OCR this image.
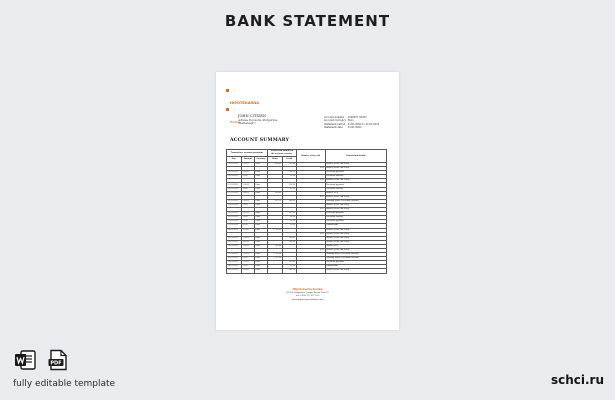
BANK STATEMENT
HIPOTEKARNA
BANKA
JOHN CITIZEN
Adresa Ugovora, Podgorica,
Montenegro
Account number 1000871-53201
Account Currency Euro
Statement period 01/01/2022 to 31/01/2022
Statement date 31/01/2022
ACCOUNT SUMMARY
Transaction, account operations			Transaction amount in the account currency		Balance at the end	Transaction details
Date	Amount	Currency	Debit	Credit		
01.01.2022	131.05	Euro	1,900.00	85.40		Balance at the end of day
					0.00	Balance at the end of day
03.01.2022	300.00	Euro		300.00		Electronic payment
04.01.2022	50.00	Euro		11.00		Electronic transfer
					0.00	Balance at the end of day
05.01.2022	150.00	Euro		150.00		Electronic payment
06.01.2022	10.00	Euro		11.00		Electronic transfer
07.01.2022	500.00	Euro	500.00			Balance ATM
					0.00	Balance at the end of day
10.01.2022	121.00	Euro	131.50	100.00		Standing order (Electronic transfer)
11.01.2022	13.00	Euro				Balance at the end of day
					0.00	Balance at the end of day
13.01.2022	145.00	Euro		145.00		Electronic payment
14.01.2022	10.00	Euro		11.00		Electronic transfer
15.01.2022	13.00	Euro		11.00		Electronic payment
17.01.2022	13.00	Euro		11.00		Commissions
18.01.2022	101.00	Euro	1,500.00			Balance at the end of day
					0.00	Balance at the end of day
20.01.2022	128.00	Euro		128.00		Balance at the end of day
21.01.2022	100.00	Euro		100.00		Balance at the end of day
24.01.2022	500.00	Euro	500.00			Balance ATM
					0.00	Balance at the end of day
25.01.2022	113.00	Euro	1,500.00			Standing order (Electronic transfer)
26.01.2022	13.00	Euro	1,511.00			Standing order (Electronic transfer)
27.01.2022	111.00	Euro		111.00		Electronic payment
28.01.2022	13.00	Euro		11.00		Commissions
31.01.2022	200.00	Euro		200.00		Balance at the end of day
Hipotekarna banka
81000 Podgorica, Josipa Broza Tita 67
tel: +382 20 407 100
www.hipotekarnabanka.com

PDF
fully editable template	schci.ru
